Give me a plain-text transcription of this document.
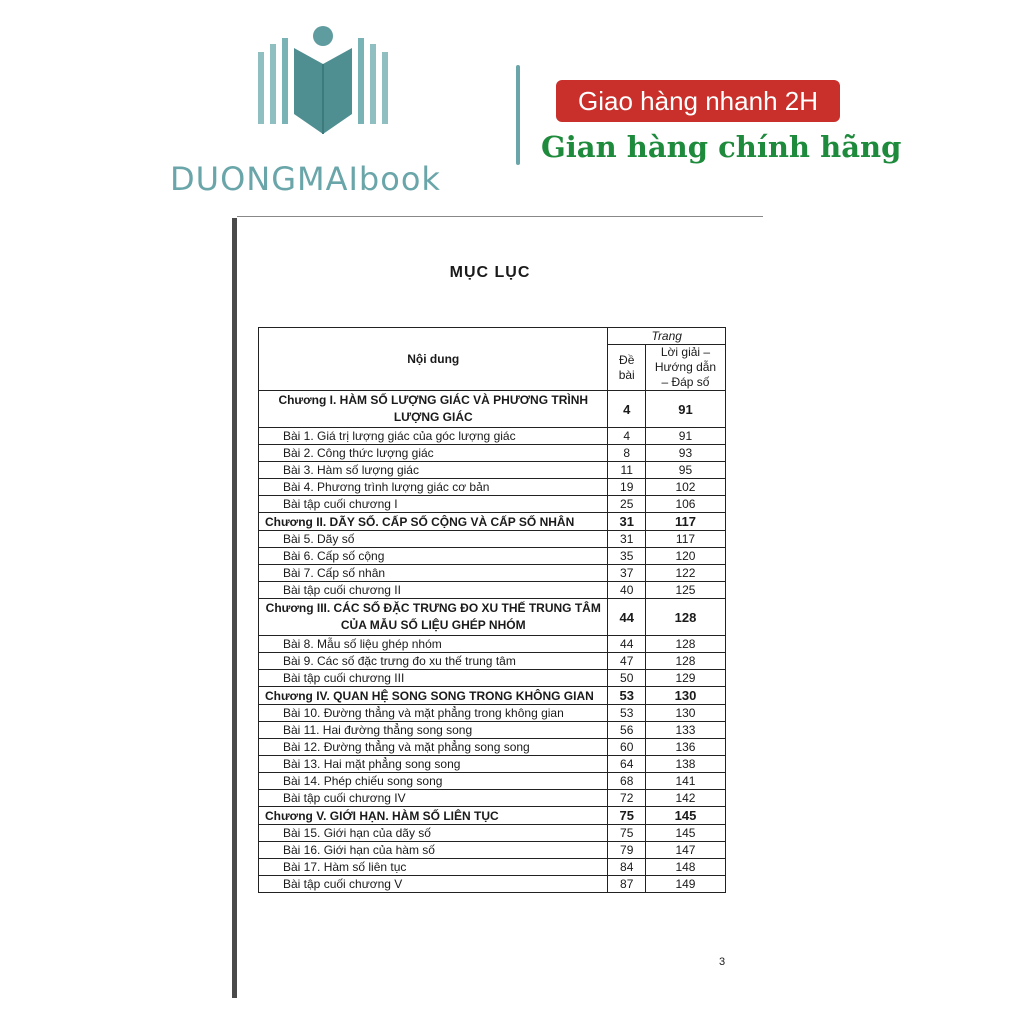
DUONGMAIbook
Giao hàng nhanh 2H
Gian hàng chính hãng
MỤC LỤC
Nội dung	Trang	
	Đề bài	Lời giải – Hướng dẫn – Đáp số
Chương I. HÀM SỐ LƯỢNG GIÁC VÀ PHƯƠNG TRÌNH LƯỢNG GIÁC	4	91
Bài 1. Giá trị lượng giác của góc lượng giác	4	91
Bài 2. Công thức lượng giác	8	93
Bài 3. Hàm số lượng giác	11	95
Bài 4. Phương trình lượng giác cơ bản	19	102
Bài tập cuối chương I	25	106
Chương II. DÃY SỐ. CẤP SỐ CỘNG VÀ CẤP SỐ NHÂN	31	117
Bài 5. Dãy số	31	117
Bài 6. Cấp số cộng	35	120
Bài 7. Cấp số nhân	37	122
Bài tập cuối chương II	40	125
Chương III. CÁC SỐ ĐẶC TRƯNG ĐO XU THẾ TRUNG TÂM CỦA MẪU SỐ LIỆU GHÉP NHÓM	44	128
Bài 8. Mẫu số liệu ghép nhóm	44	128
Bài 9. Các số đặc trưng đo xu thế trung tâm	47	128
Bài tập cuối chương III	50	129
Chương IV. QUAN HỆ SONG SONG TRONG KHÔNG GIAN	53	130
Bài 10. Đường thẳng và mặt phẳng trong không gian	53	130
Bài 11. Hai đường thẳng song song	56	133
Bài 12. Đường thẳng và mặt phẳng song song	60	136
Bài 13. Hai mặt phẳng song song	64	138
Bài 14. Phép chiếu song song	68	141
Bài tập cuối chương IV	72	142
Chương V. GIỚI HẠN. HÀM SỐ LIÊN TỤC	75	145
Bài 15. Giới hạn của dãy số	75	145
Bài 16. Giới hạn của hàm số	79	147
Bài 17. Hàm số liên tục	84	148
Bài tập cuối chương V	87	149
3
